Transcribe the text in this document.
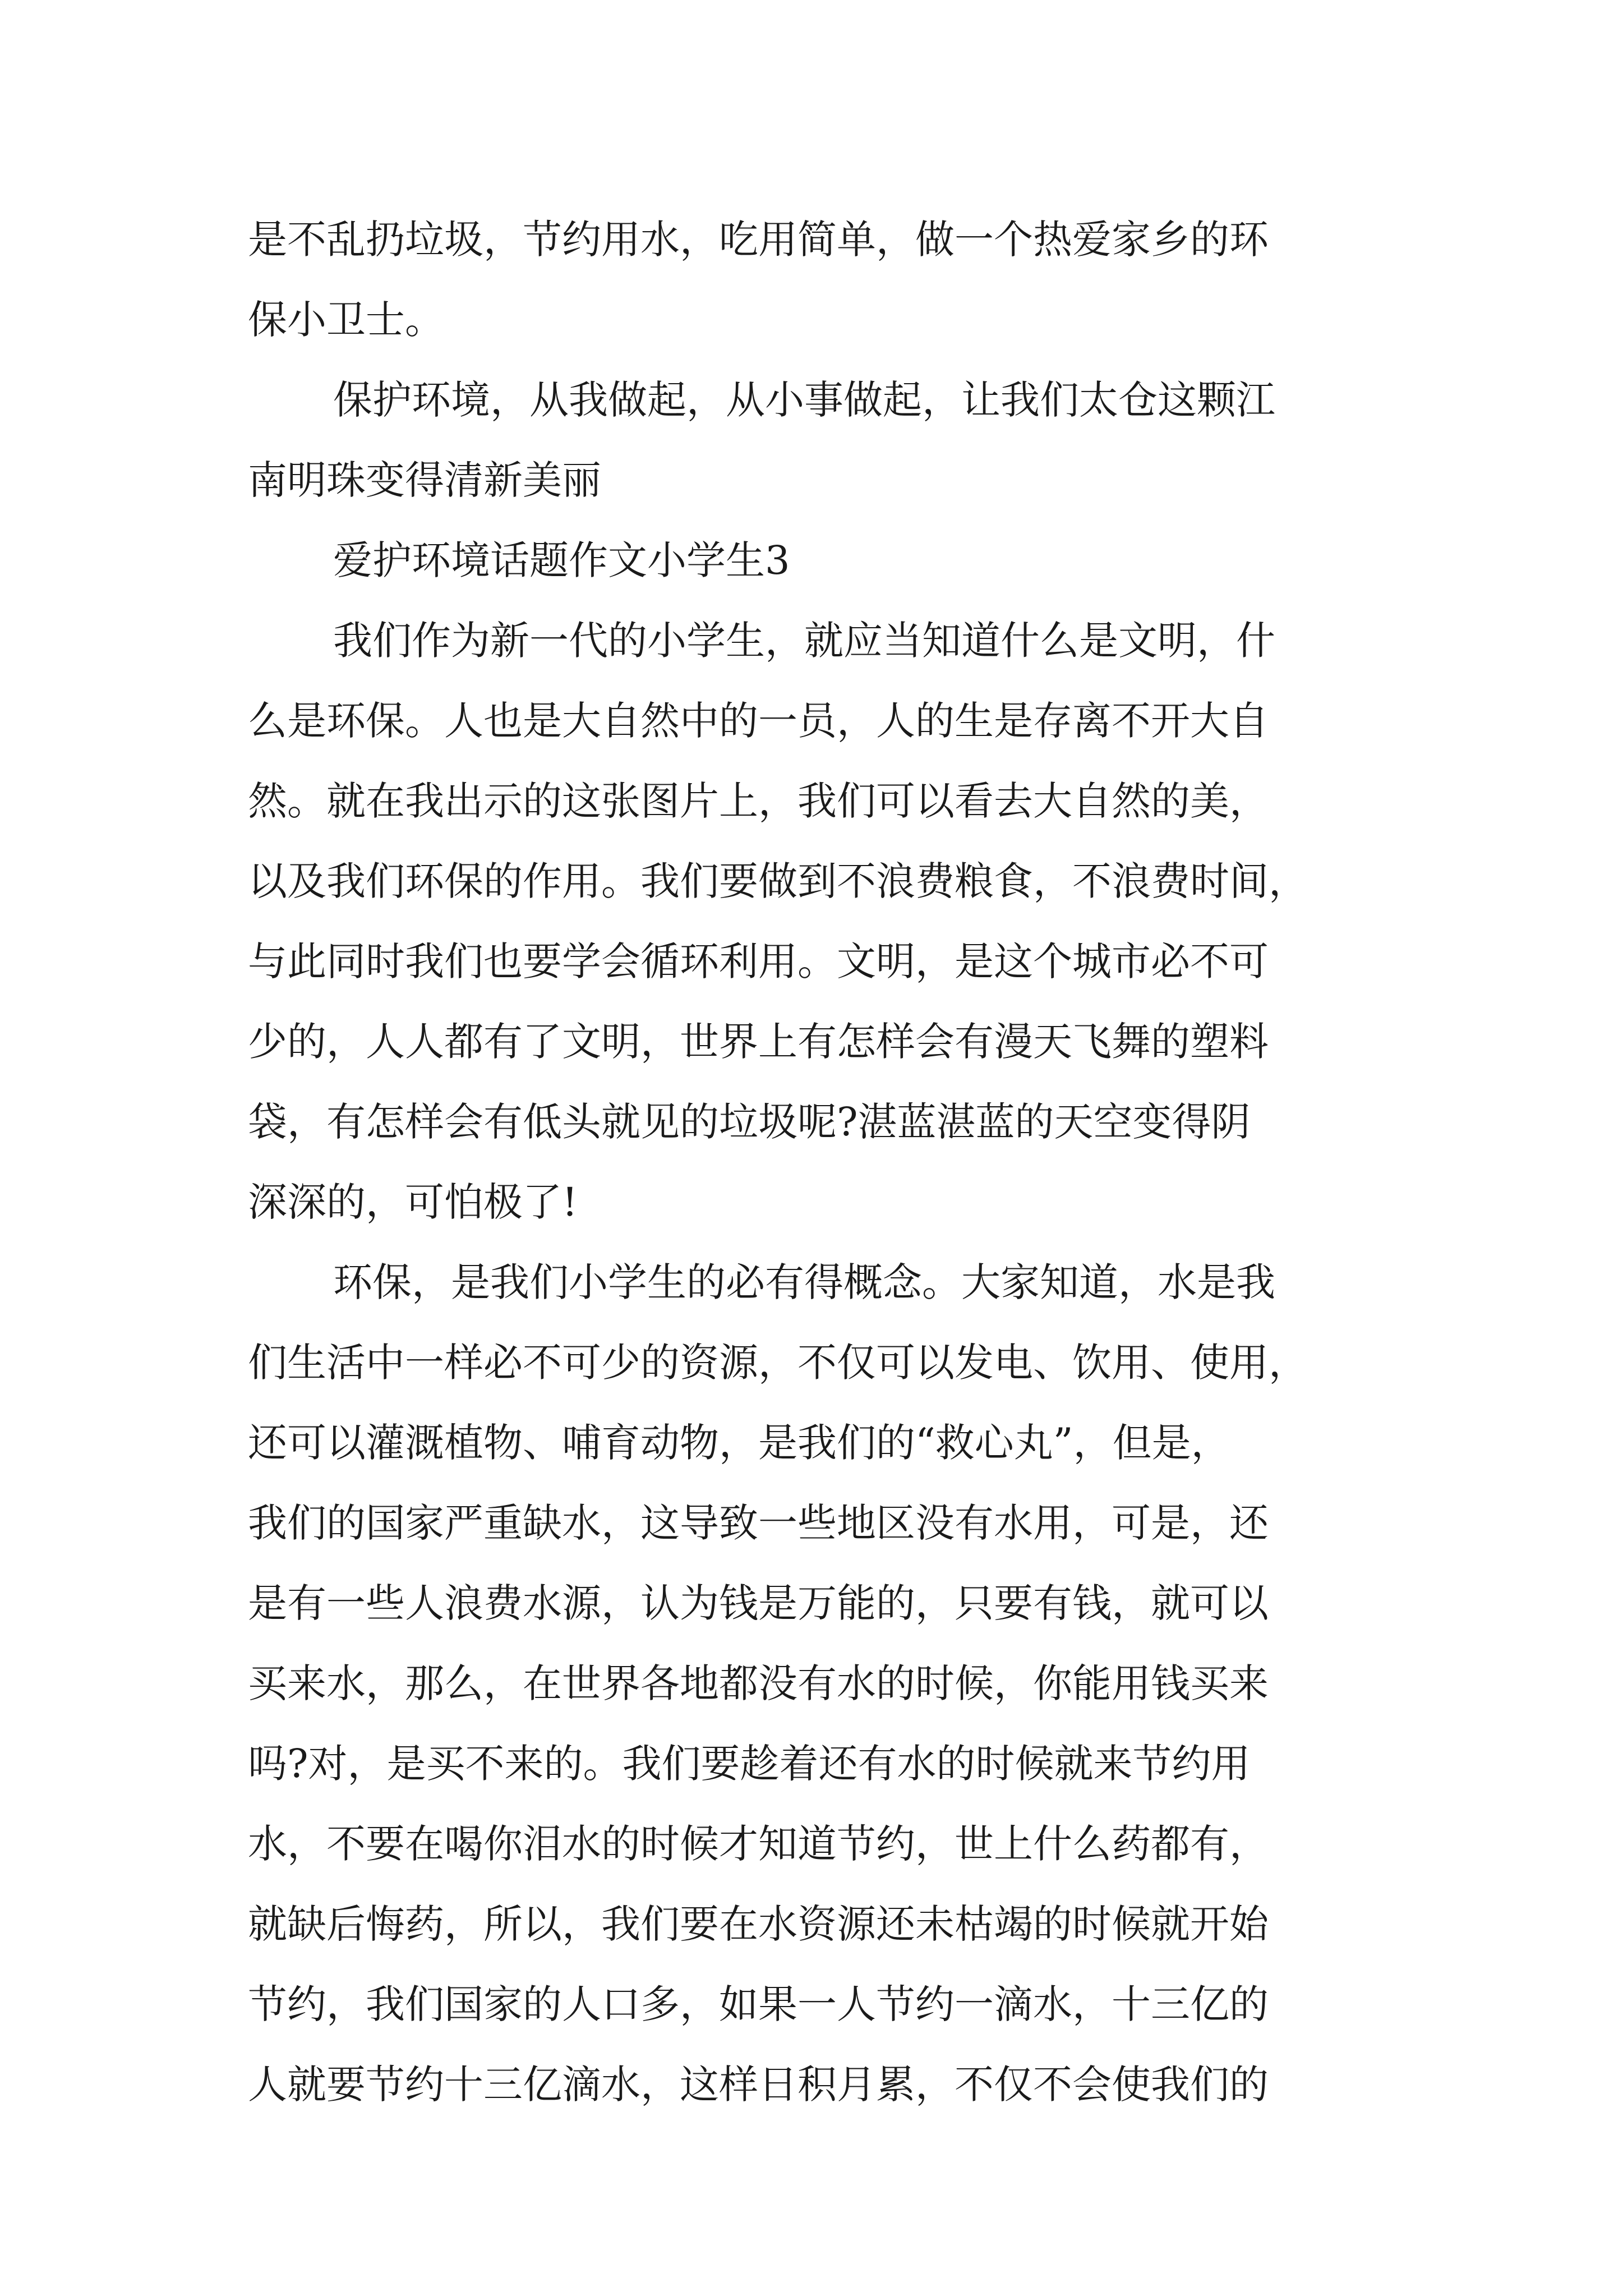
是不乱扔垃圾，节约用水，吃用简单，做一个热爱家乡的环
保小卫士。
保护环境，从我做起，从小事做起，让我们太仓这颗江
南明珠变得清新美丽
爱护环境话题作文小学生3
我们作为新一代的小学生，就应当知道什么是文明，什
么是环保。人也是大自然中的一员，人的生是存离不开大自
然。就在我出示的这张图片上，我们可以看去大自然的美，
以及我们环保的作用。我们要做到不浪费粮食，不浪费时间，
与此同时我们也要学会循环利用。文明，是这个城市必不可
少的，人人都有了文明，世界上有怎样会有漫天飞舞的塑料
袋，有怎样会有低头就见的垃圾呢?湛蓝湛蓝的天空变得阴
深深的，可怕极了!
环保，是我们小学生的必有得概念。大家知道，水是我
们生活中一样必不可少的资源，不仅可以发电、饮用、使用，
还可以灌溉植物、哺育动物，是我们的“救心丸”，但是，
我们的国家严重缺水，这导致一些地区没有水用，可是，还
是有一些人浪费水源，认为钱是万能的，只要有钱，就可以
买来水，那么，在世界各地都没有水的时候，你能用钱买来
吗?对，是买不来的。我们要趁着还有水的时候就来节约用
水，不要在喝你泪水的时候才知道节约，世上什么药都有，
就缺后悔药，所以，我们要在水资源还未枯竭的时候就开始
节约，我们国家的人口多，如果一人节约一滴水，十三亿的
人就要节约十三亿滴水，这样日积月累，不仅不会使我们的
